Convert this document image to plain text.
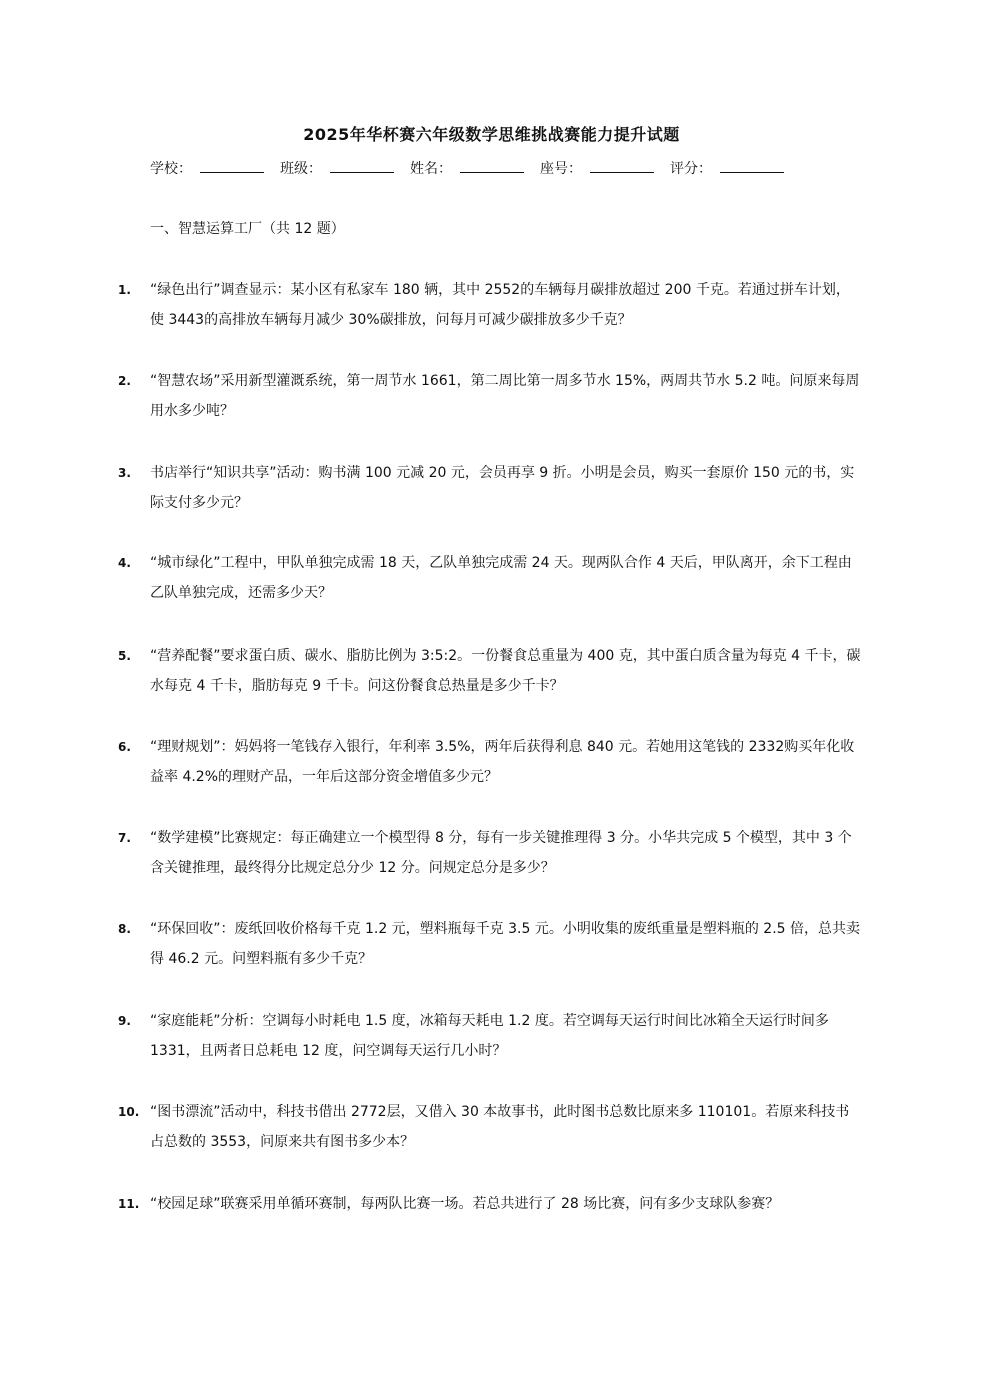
2025年华杯赛六年级数学思维挑战赛能力提升试题
学校：	班级：	姓名：	座号：	评分：
一、智慧运算工厂（共 12 题）
1.	“绿色出行”调查显示：某小区有私家车 180 辆，其中 2552的车辆每月碳排放超过 200 千克。若通过拼车计划，使 3443的高排放车辆每月减少 30%碳排放，问每月可减少碳排放多少千克？
2.	“智慧农场”采用新型灌溉系统，第一周节水 1661，第二周比第一周多节水 15%，两周共节水 5.2 吨。问原来每周用水多少吨？
3.	书店举行“知识共享”活动：购书满 100 元减 20 元，会员再享 9 折。小明是会员，购买一套原价 150 元的书，实际支付多少元？
4.	“城市绿化”工程中，甲队单独完成需 18 天，乙队单独完成需 24 天。现两队合作 4 天后，甲队离开，余下工程由乙队单独完成，还需多少天？
5.	“营养配餐”要求蛋白质、碳水、脂肪比例为 3:5:2。一份餐食总重量为 400 克，其中蛋白质含量为每克 4 千卡，碳水每克 4 千卡，脂肪每克 9 千卡。问这份餐食总热量是多少千卡？
6.	“理财规划”：妈妈将一笔钱存入银行，年利率 3.5%，两年后获得利息 840 元。若她用这笔钱的 2332购买年化收益率 4.2%的理财产品，一年后这部分资金增值多少元？
7.	“数学建模”比赛规定：每正确建立一个模型得 8 分，每有一步关键推理得 3 分。小华共完成 5 个模型，其中 3 个含关键推理，最终得分比规定总分少 12 分。问规定总分是多少？
8.	“环保回收”：废纸回收价格每千克 1.2 元，塑料瓶每千克 3.5 元。小明收集的废纸重量是塑料瓶的 2.5 倍，总共卖得 46.2 元。问塑料瓶有多少千克？
9.	“家庭能耗”分析：空调每小时耗电 1.5 度，冰箱每天耗电 1.2 度。若空调每天运行时间比冰箱全天运行时间多 1331，且两者日总耗电 12 度，问空调每天运行几小时？
10. “图书漂流”活动中，科技书借出 2772层，又借入 30 本故事书，此时图书总数比原来多 110101。若原来科技书占总数的 3553，问原来共有图书多少本？
11. “校园足球”联赛采用单循环赛制，每两队比赛一场。若总共进行了 28 场比赛，问有多少支球队参赛？
